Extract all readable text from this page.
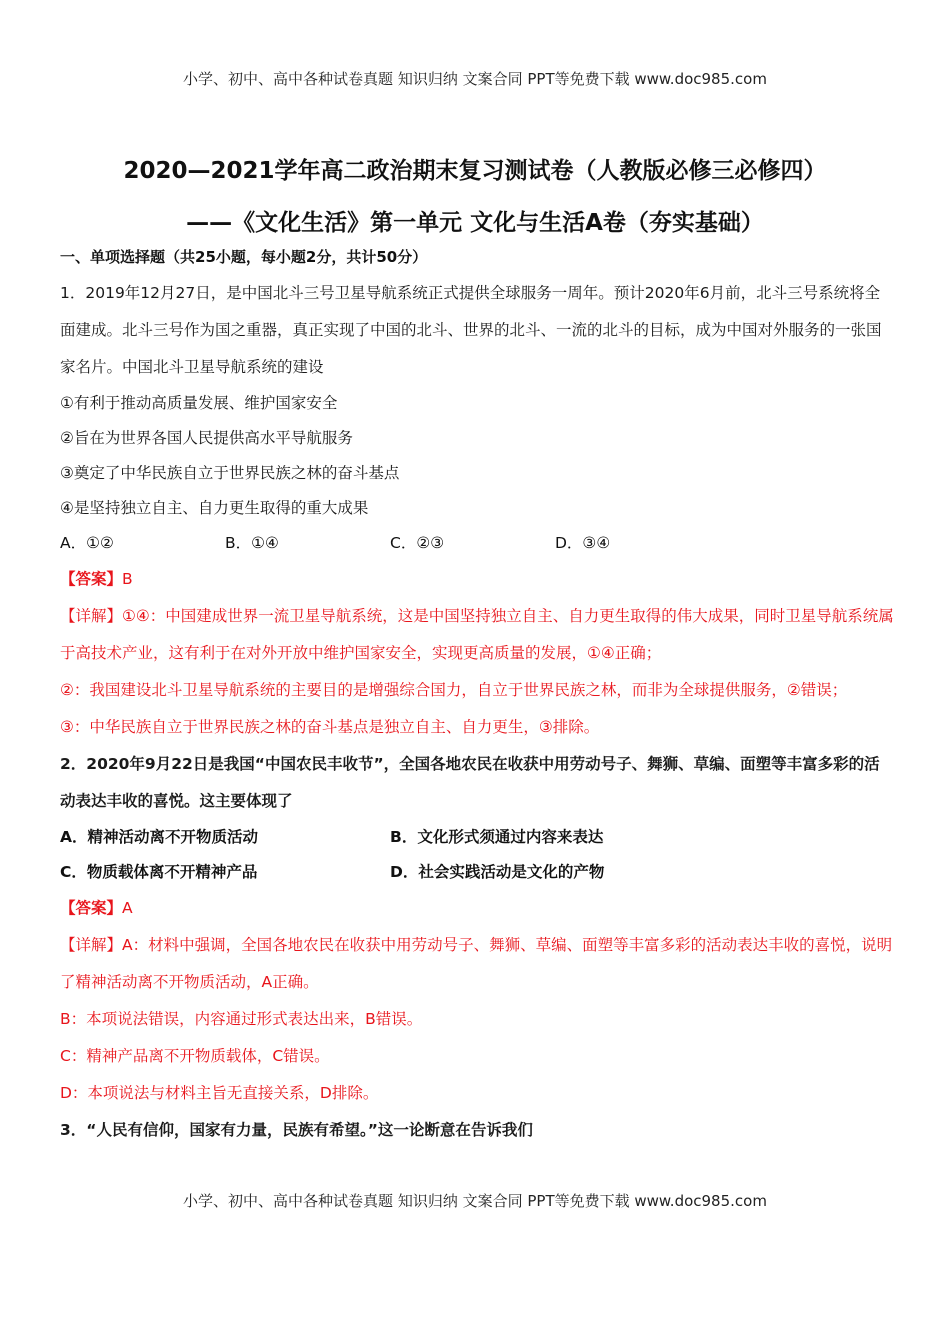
小学、初中、高中各种试卷真题 知识归纳 文案合同 PPT等免费下载 www.doc985.com
2020—2021学年高二政治期末复习测试卷（人教版必修三必修四）
——《文化生活》第一单元 文化与生活A卷（夯实基础）
一、单项选择题（共25小题，每小题2分，共计50分）

1．2019年12月27日，是中国北斗三号卫星导航系统正式提供全球服务一周年。预计2020年6月前，北斗三号系统将全面建成。北斗三号作为国之重器，真正实现了中国的北斗、世界的北斗、一流的北斗的目标，成为中国对外服务的一张国家名片。中国北斗卫星导航系统的建设

①有利于推动高质量发展、维护国家安全

②旨在为世界各国人民提供高水平导航服务

③奠定了中华民族自立于世界民族之林的奋斗基点

④是坚持独立自主、自力更生取得的重大成果

A．①②	B．①④	C．②③	D．③④

【答案】B

【详解】①④：中国建成世界一流卫星导航系统，这是中国坚持独立自主、自力更生取得的伟大成果，同时卫星导航系统属于高技术产业，这有利于在对外开放中维护国家安全，实现更高质量的发展，①④正确；

②：我国建设北斗卫星导航系统的主要目的是增强综合国力，自立于世界民族之林，而非为全球提供服务，②错误；

③：中华民族自立于世界民族之林的奋斗基点是独立自主、自力更生，③排除。

2．2020年9月22日是我国“中国农民丰收节”，全国各地农民在收获中用劳动号子、舞狮、草编、面塑等丰富多彩的活动表达丰收的喜悦。这主要体现了

A．精神活动离不开物质活动	B．文化形式须通过内容来表达
C．物质载体离不开精神产品	D．社会实践活动是文化的产物

【答案】A

【详解】A：材料中强调，全国各地农民在收获中用劳动号子、舞狮、草编、面塑等丰富多彩的活动表达丰收的喜悦，说明了精神活动离不开物质活动，A正确。

B：本项说法错误，内容通过形式表达出来，B错误。

C：精神产品离不开物质载体，C错误。

D：本项说法与材料主旨无直接关系，D排除。

3．“人民有信仰，国家有力量，民族有希望。”这一论断意在告诉我们

小学、初中、高中各种试卷真题 知识归纳 文案合同 PPT等免费下载 www.doc985.com
